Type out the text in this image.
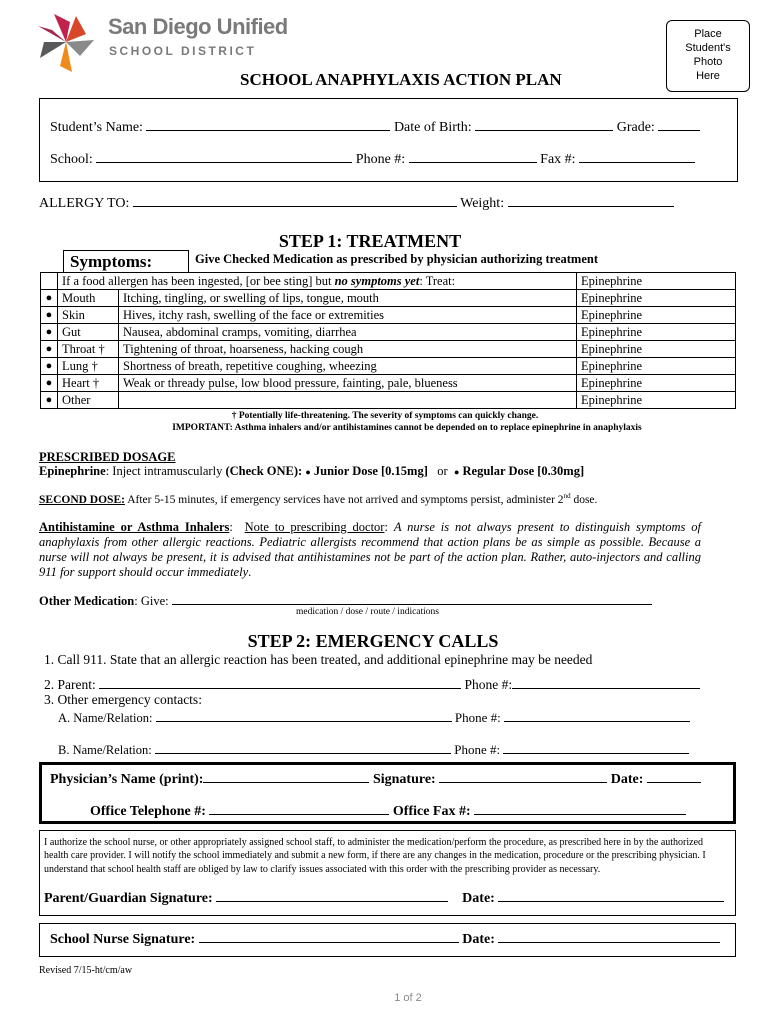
San Diego Unified
SCHOOL DISTRICT
SCHOOL ANAPHYLAXIS ACTION PLAN
Place
Student's
Photo
Here
Student’s Name:	Date of Birth:	Grade:
School:	Phone #:	Fax #:
ALLERGY TO:	Weight:
STEP 1: TREATMENT
Symptoms:	Give Checked Medication as prescribed by physician authorizing treatment
	If a food allergen has been ingested, [or bee sting] but no symptoms yet: Treat:		Epinephrine
●	Mouth	Itching, tingling, or swelling of lips, tongue, mouth	Epinephrine
●	Skin	Hives, itchy rash, swelling of the face or extremities	Epinephrine
●	Gut	Nausea, abdominal cramps, vomiting, diarrhea	Epinephrine
●	Throat †	Tightening of throat, hoarseness, hacking cough	Epinephrine
●	Lung †	Shortness of breath, repetitive coughing, wheezing	Epinephrine
●	Heart †	Weak or thready pulse, low blood pressure, fainting, pale, blueness	Epinephrine
●	Other		Epinephrine
† Potentially life-threatening. The severity of symptoms can quickly change.
IMPORTANT: Asthma inhalers and/or antihistamines cannot be depended on to replace epinephrine in anaphylaxis
PRESCRIBED DOSAGE
Epinephrine: Inject intramuscularly (Check ONE): ● Junior Dose [0.15mg] or ● Regular Dose [0.30mg]
SECOND DOSE: After 5-15 minutes, if emergency services have not arrived and symptoms persist, administer 2nd dose.
Antihistamine or Asthma Inhalers:  Note to prescribing doctor: A nurse is not always present to distinguish symptoms of anaphylaxis from other allergic reactions. Pediatric allergists recommend that action plans be as simple as possible. Because a nurse will not always be present, it is advised that antihistamines not be part of the action plan. Rather, auto-injectors and calling 911 for support should occur immediately.
Other Medication: Give:
medication / dose / route / indications
STEP 2: EMERGENCY CALLS
1. Call 911. State that an allergic reaction has been treated, and additional epinephrine may be needed
2. Parent:	Phone #:
3. Other emergency contacts:
A. Name/Relation:	Phone #:
B. Name/Relation:	Phone #:
Physician’s Name (print):	Signature:	Date:
Office Telephone #:	Office Fax #:
I authorize the school nurse, or other appropriately assigned school staff, to administer the medication/perform the procedure, as prescribed here in by the authorized health care provider. I will notify the school immediately and submit a new form, if there are any changes in the medication, procedure or the prescribing physician. I understand that school health staff are obliged by law to clarify issues associated with this order with the prescribing provider as necessary.
Parent/Guardian Signature:	Date:
School Nurse Signature:	Date:
Revised 7/15-ht/cm/aw
1 of 2
